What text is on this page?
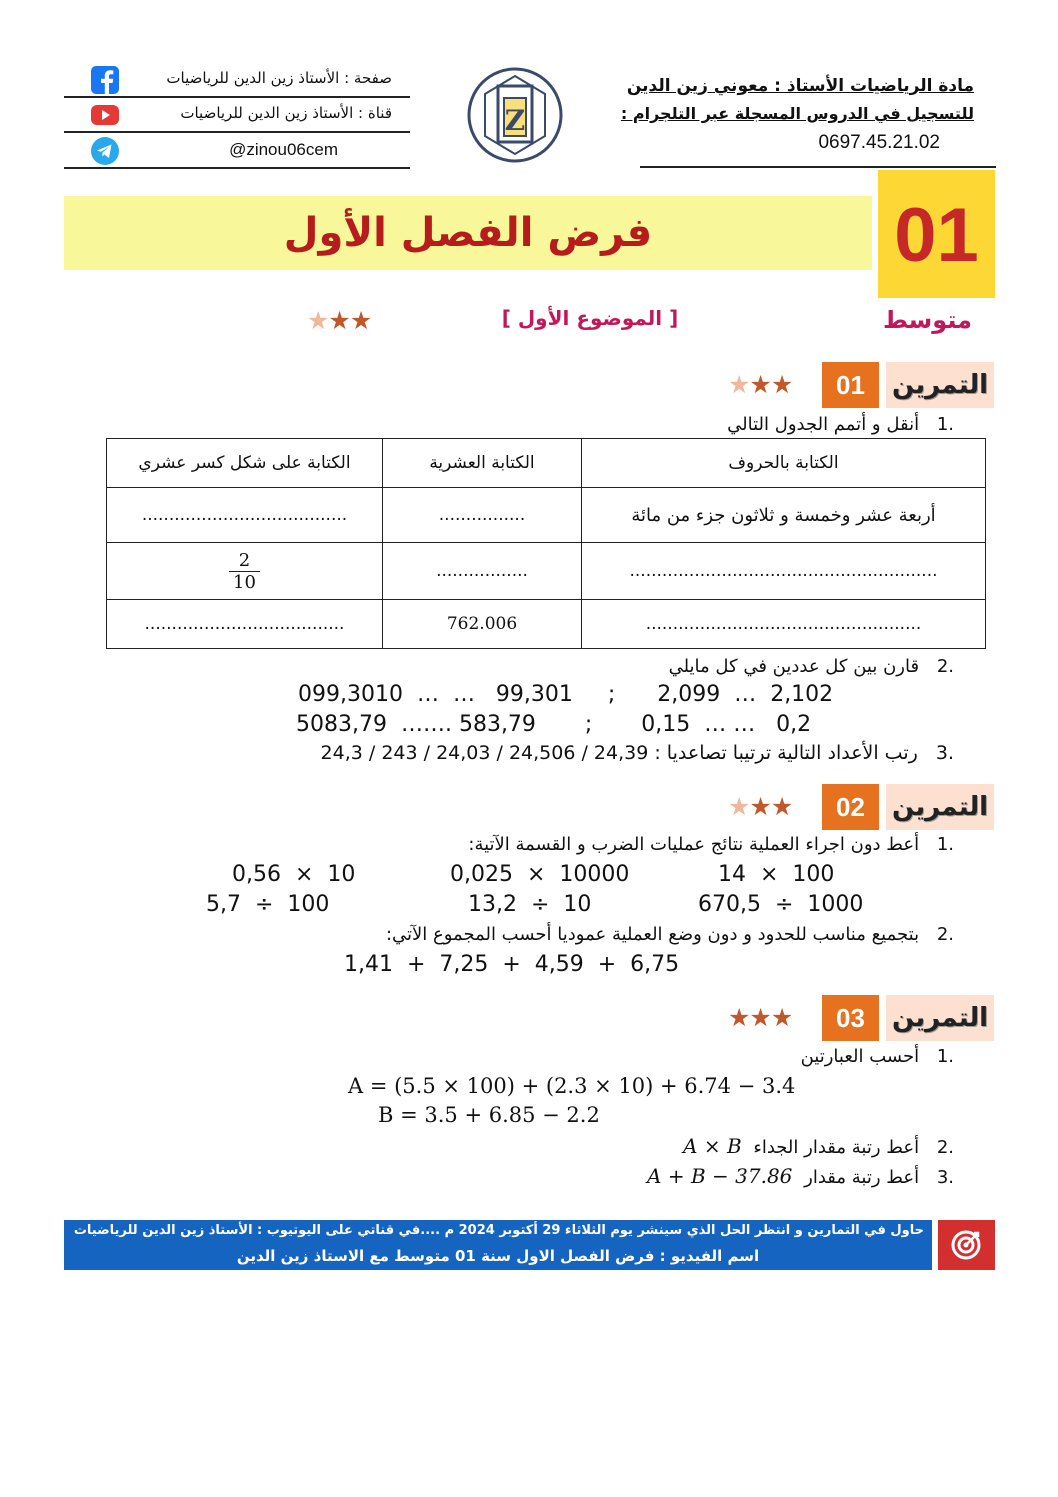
صفحة : الأستاذ زين الدين للرياضيات
قناة : الأستاذ زين الدين للرياضيات
@zinou06cem
Z
مادة الرياضيات الأستاذ : معوني زين الدين
للتسجيل في الدروس المسجلة عبر التلجرام :
0697.45.21.02
فرض الفصل الأول	01
متوسط
[ الموضوع الأول ]
★★★
التمرين
01
★★★
.1 أنقل و أتمم الجدول التالي
الكتابة بالحروف	الكتابة العشرية	الكتابة على شكل كسر عشري
أربعة عشر وخمسة و ثلاثون جزء من مائة	................	......................................
.........................................................	.................	$\frac{2}{10}$

...................................................	762.006	.....................................
.2 قارن بين كل عددين في كل مايلي
099,3010  …  …   99,301     ;      2,099  …  2,102
5083,79  ……. 583,79       ;       0,15  … …   0,2
.3 رتب الأعداد التالية ترتيبا تصاعديا : 24,39 / 24,506 / 24,03 / 243 / 24,3
التمرين
02
★★★
.1 أعط دون اجراء العملية نتائج عمليات الضرب و القسمة الآتية:
14  ×  100
0,025  ×  10000
0,56  ×  10
670,5  ÷  1000
13,2  ÷  10
5,7  ÷  100
.2 بتجميع مناسب للحدود و دون وضع العملية عموديا أحسب المجموع الآتي:
1,41  +  7,25  +  4,59  +  6,75
التمرين
03
★★★
.1 أحسب العبارتين
A = (5.5 × 100) + (2.3 × 10) + 6.74 − 3.4
B = 3.5 + 6.85 − 2.2
.2 أعط رتبة مقدار الجداء A × B
.3 أعط رتبة مقدار A + B − 37.86
حاول في التمارين و انتظر الحل الذي سينشر يوم الثلاثاء 29 أكتوبر 2024 م ....في قناتي على اليوتيوب : الأستاذ زين الدين للرياضيات
اسم الفيديو : فرض الفصل الاول سنة 01 متوسط مع الاستاذ زين الدين
